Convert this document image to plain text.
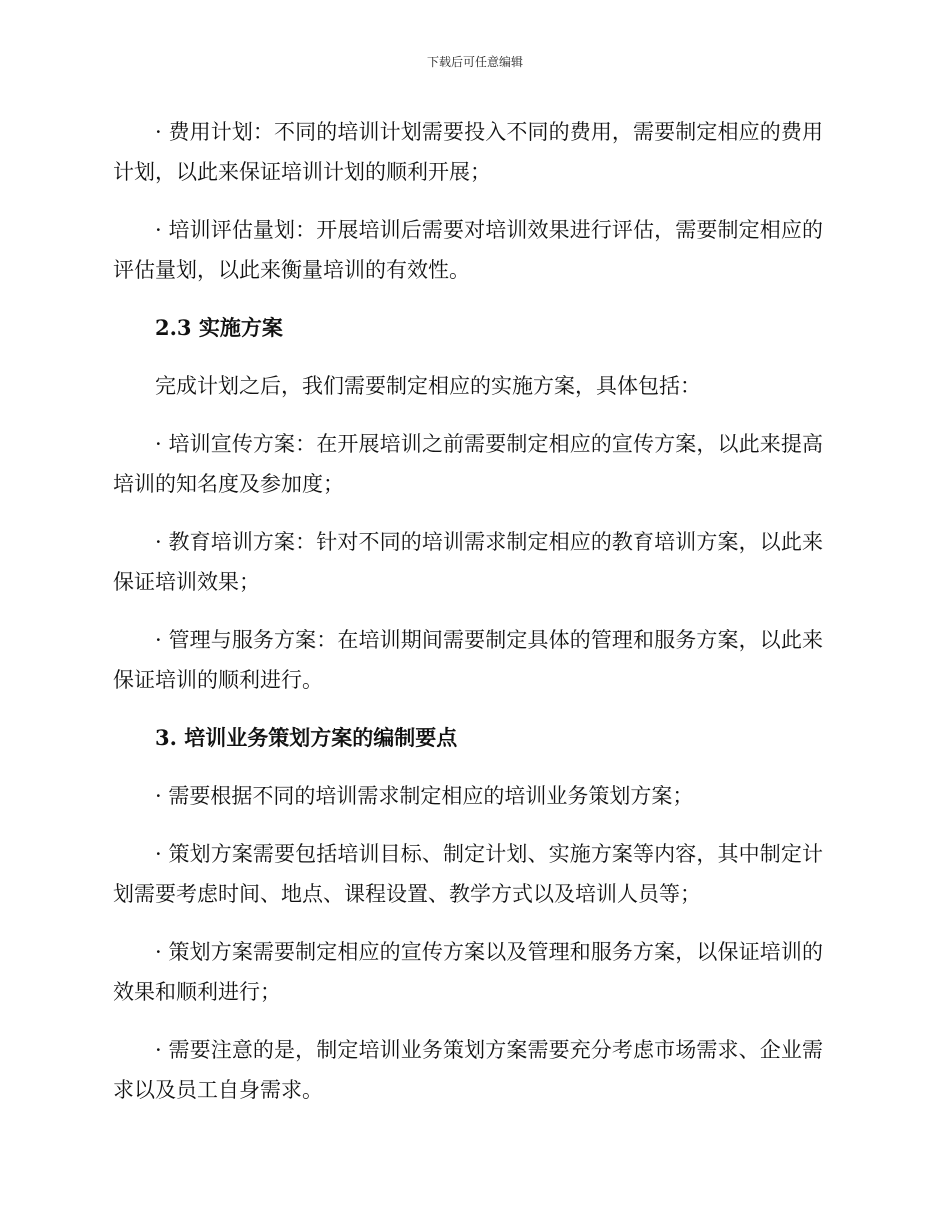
下载后可任意编辑

· 费用计划：不同的培训计划需要投入不同的费用，需要制定相应的费用计划，以此来保证培训计划的顺利开展；

· 培训评估量划：开展培训后需要对培训效果进行评估，需要制定相应的评估量划，以此来衡量培训的有效性。

2.3 实施方案

完成计划之后，我们需要制定相应的实施方案，具体包括：

· 培训宣传方案：在开展培训之前需要制定相应的宣传方案，以此来提高培训的知名度及参加度；

· 教育培训方案：针对不同的培训需求制定相应的教育培训方案，以此来保证培训效果；

· 管理与服务方案：在培训期间需要制定具体的管理和服务方案，以此来保证培训的顺利进行。

3. 培训业务策划方案的编制要点

· 需要根据不同的培训需求制定相应的培训业务策划方案；

· 策划方案需要包括培训目标、制定计划、实施方案等内容，其中制定计划需要考虑时间、地点、课程设置、教学方式以及培训人员等；

· 策划方案需要制定相应的宣传方案以及管理和服务方案，以保证培训的效果和顺利进行；

· 需要注意的是，制定培训业务策划方案需要充分考虑市场需求、企业需求以及员工自身需求。
